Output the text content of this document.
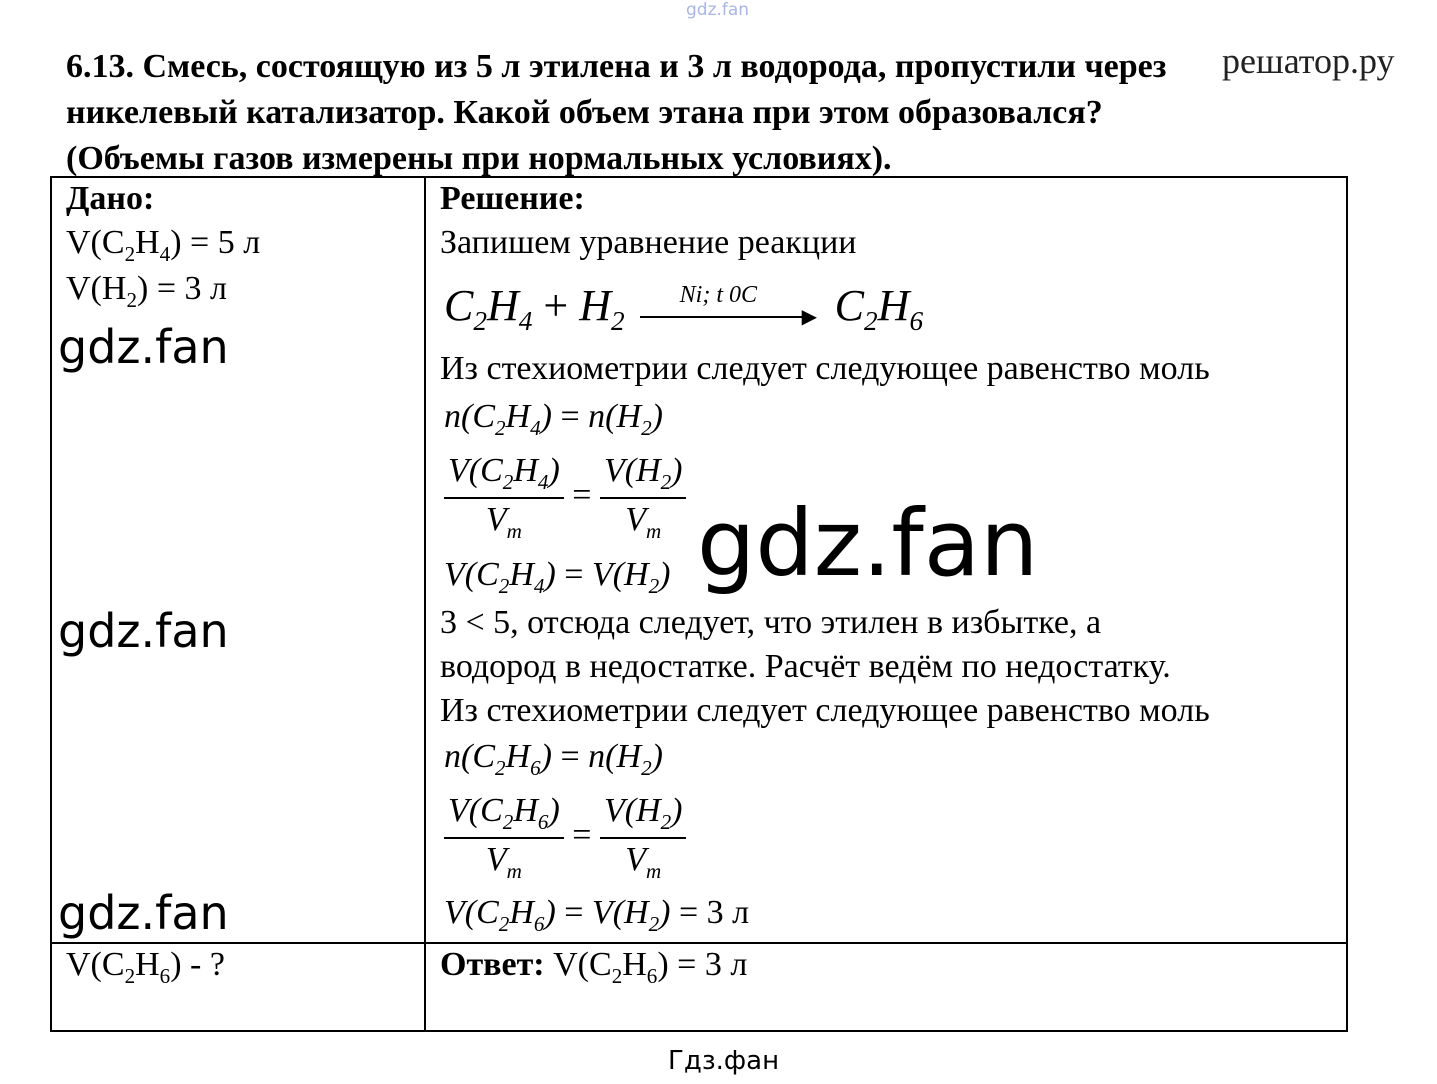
gdz.fan
решатор.ру
6.13. Смесь, состоящую из 5 л этилена и 3 л водорода, пропустили через
никелевый катализатор. Какой объем этана при этом образовался?
(Объемы газов измерены при нормальных условиях).
Дано:
$V(C_2H_4) = 5$ л
$V(H_2) = 3$ л
$V(C_2H_6)$ - ?
Решение:
Запишем уравнение реакции
$C_2H_4 + H_2$
Ni; t 0C
▶ $C_2H_6$
Из стехиометрии следует следующее равенство моль
$n(C_2H_4) = n(H_2)$
$\frac{V(C_2H_4)}{V_m} = \frac{V(H_2)}{V_m} gdz.fan$
$V(C_2H_4) = V(H_2)$
3 < 5, отсюда следует, что этилен в избытке, а
водород в недостатке. Расчёт ведём по недостатку.
Из стехиометрии следует следующее равенство моль
$n(C_2H_6) = n(H_2)$
$\frac{V(C_2H_6)}{V_m} = \frac{V(H_2)}{V_m}$
$V(C_2H_6) = V(H_2) = 3$ л
Ответ: $V(C_2H_6) = 3$ л
gdz.fan
gdz.fan
gdz.fan
Гдз.фан
